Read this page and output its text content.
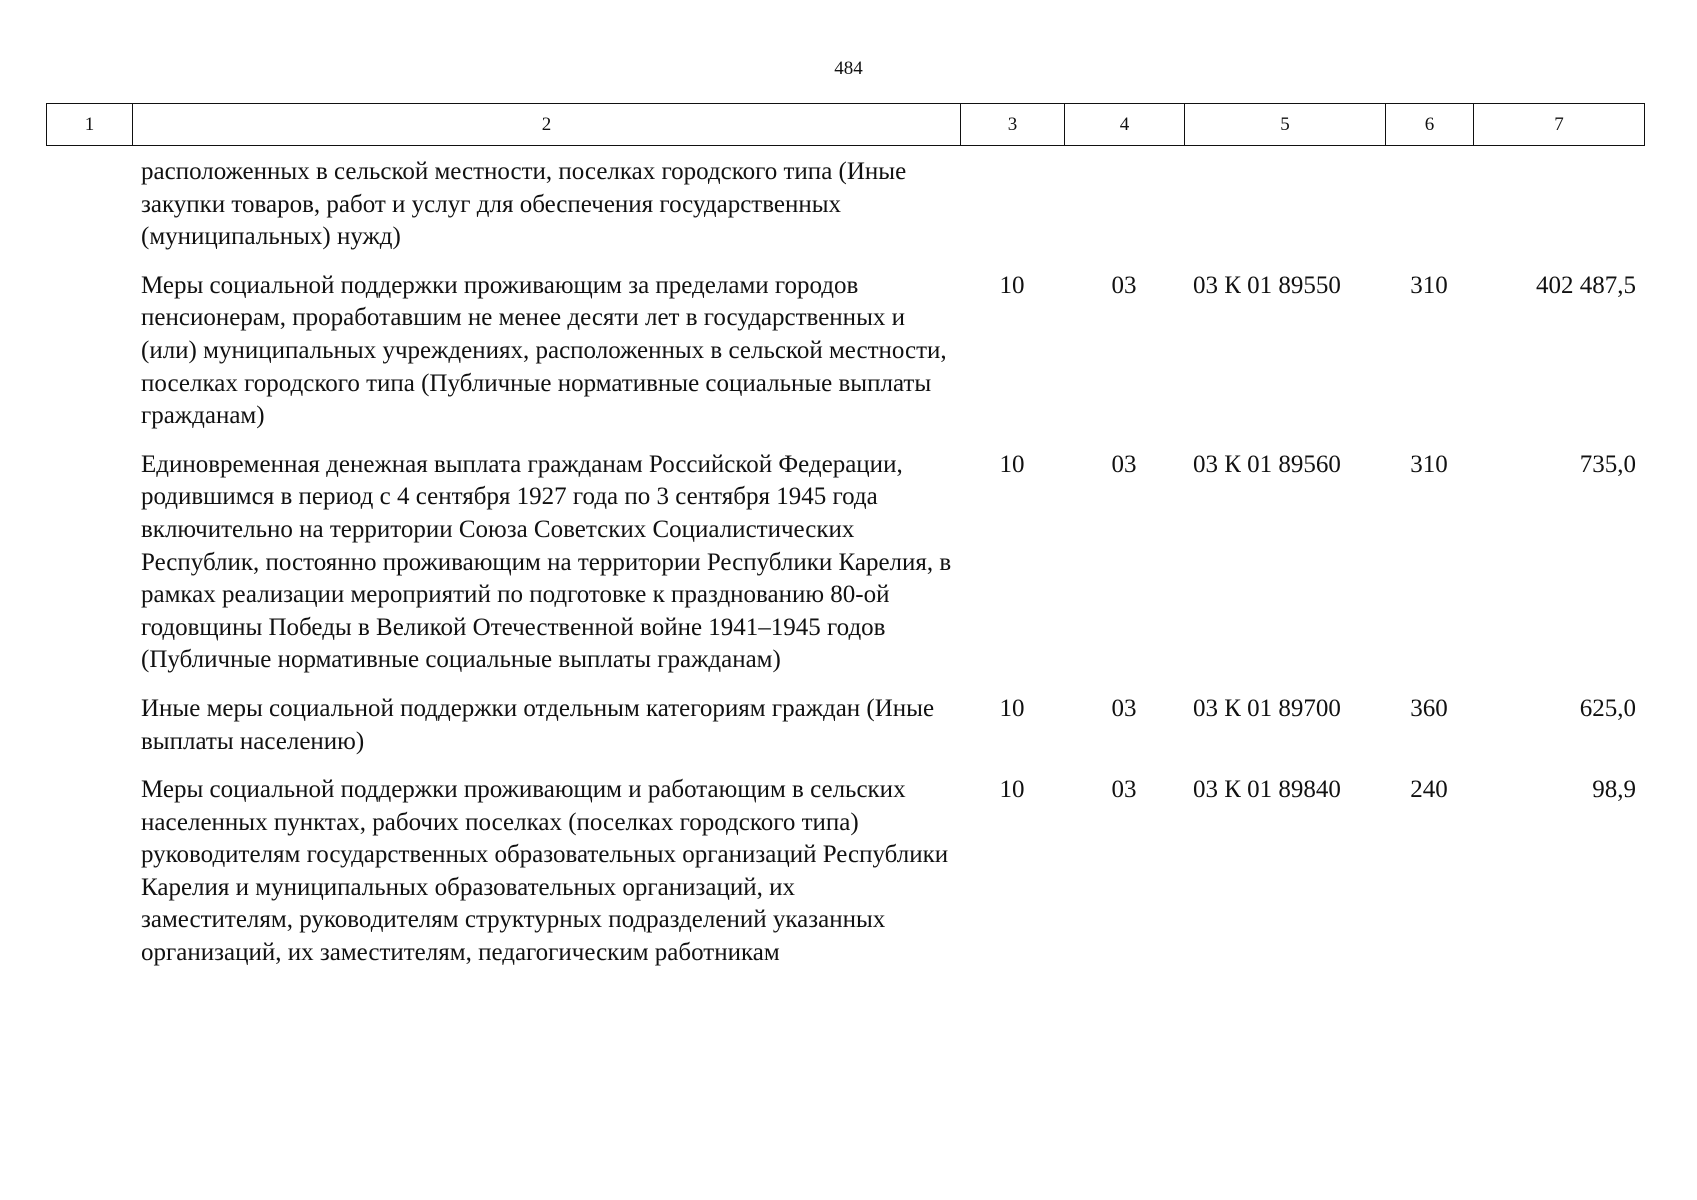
484
1	2	3	4	5	6	7
расположенных в сельской местности, поселках городского типа (Иные закупки товаров, работ и услуг для обеспечения государственных (муниципальных) нужд)					
Меры социальной поддержки проживающим за пределами городов пенсионерам, проработавшим не менее десяти лет в государственных и (или) муниципальных учреждениях, расположенных в сельской местности, поселках городского типа (Публичные нормативные социальные выплаты гражданам)	10	03	03 К 01 89550	310	402 487,5
Единовременная денежная выплата гражданам Российской Федерации, родившимся в период с 4 сентября 1927 года по 3 сентября 1945 года включительно на территории Союза Советских Социалистических Республик, постоянно проживающим на территории Республики Карелия, в рамках реализации мероприятий по подготовке к празднованию 80-ой годовщины Победы в Великой Отечественной войне 1941–1945 годов (Публичные нормативные социальные выплаты гражданам)	10	03	03 К 01 89560	310	735,0
Иные меры социальной поддержки отдельным категориям граждан (Иные выплаты населению)	10	03	03 К 01 89700	360	625,0
Меры социальной поддержки проживающим и работающим в сельских населенных пунктах, рабочих поселках (поселках городского типа) руководителям государственных образовательных организаций Республики Карелия и муниципальных образовательных организаций, их заместителям, руководителям структурных подразделений указанных организаций, их заместителям, педагогическим работникам	10	03	03 К 01 89840	240	98,9
